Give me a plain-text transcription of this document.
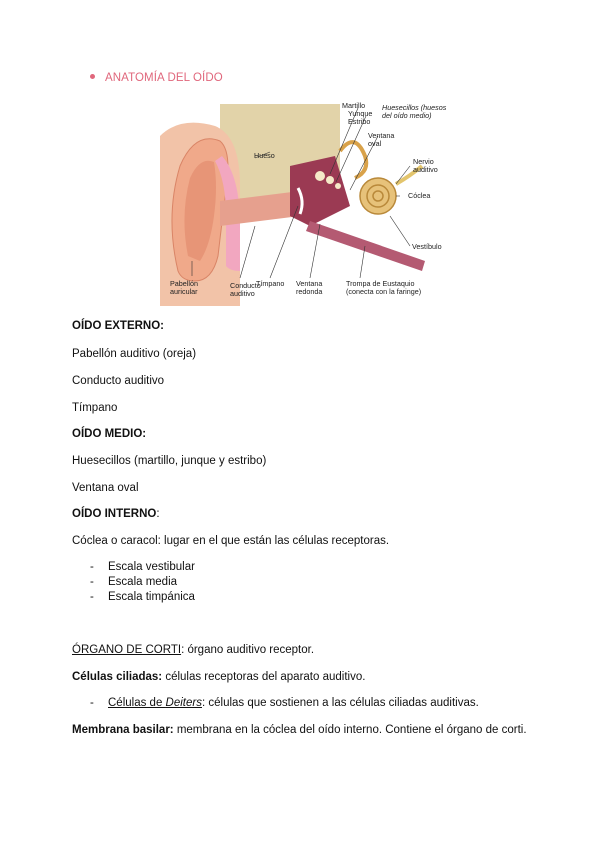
ANATOMÍA DEL OÍDO
Martillo
Yunque
Estribo
Huesecillos (huesos
del oído medio)
Hueso
Ventana
oval
Nervio
auditivo
Cóclea
Vestíbulo
Pabellón
auricular
Conducto
auditivo
Tímpano Ventana
redonda
Trompa de Eustaquio
(conecta con la faringe)
OÍDO EXTERNO:
Pabellón auditivo (oreja)
Conducto auditivo
Tímpano
OÍDO MEDIO:
Huesecillos (martillo, junque y estribo)
Ventana oval
OÍDO INTERNO:
Cóclea o caracol: lugar en el que están las células receptoras.
- Escala vestibular
- Escala media
- Escala timpánica
ÓRGANO DE CORTI: órgano auditivo receptor.
Células ciliadas: células receptoras del aparato auditivo.
- Células de Deiters: células que sostienen a las células ciliadas auditivas.
Membrana basilar: membrana en la cóclea del oído interno. Contiene el órgano de corti.
